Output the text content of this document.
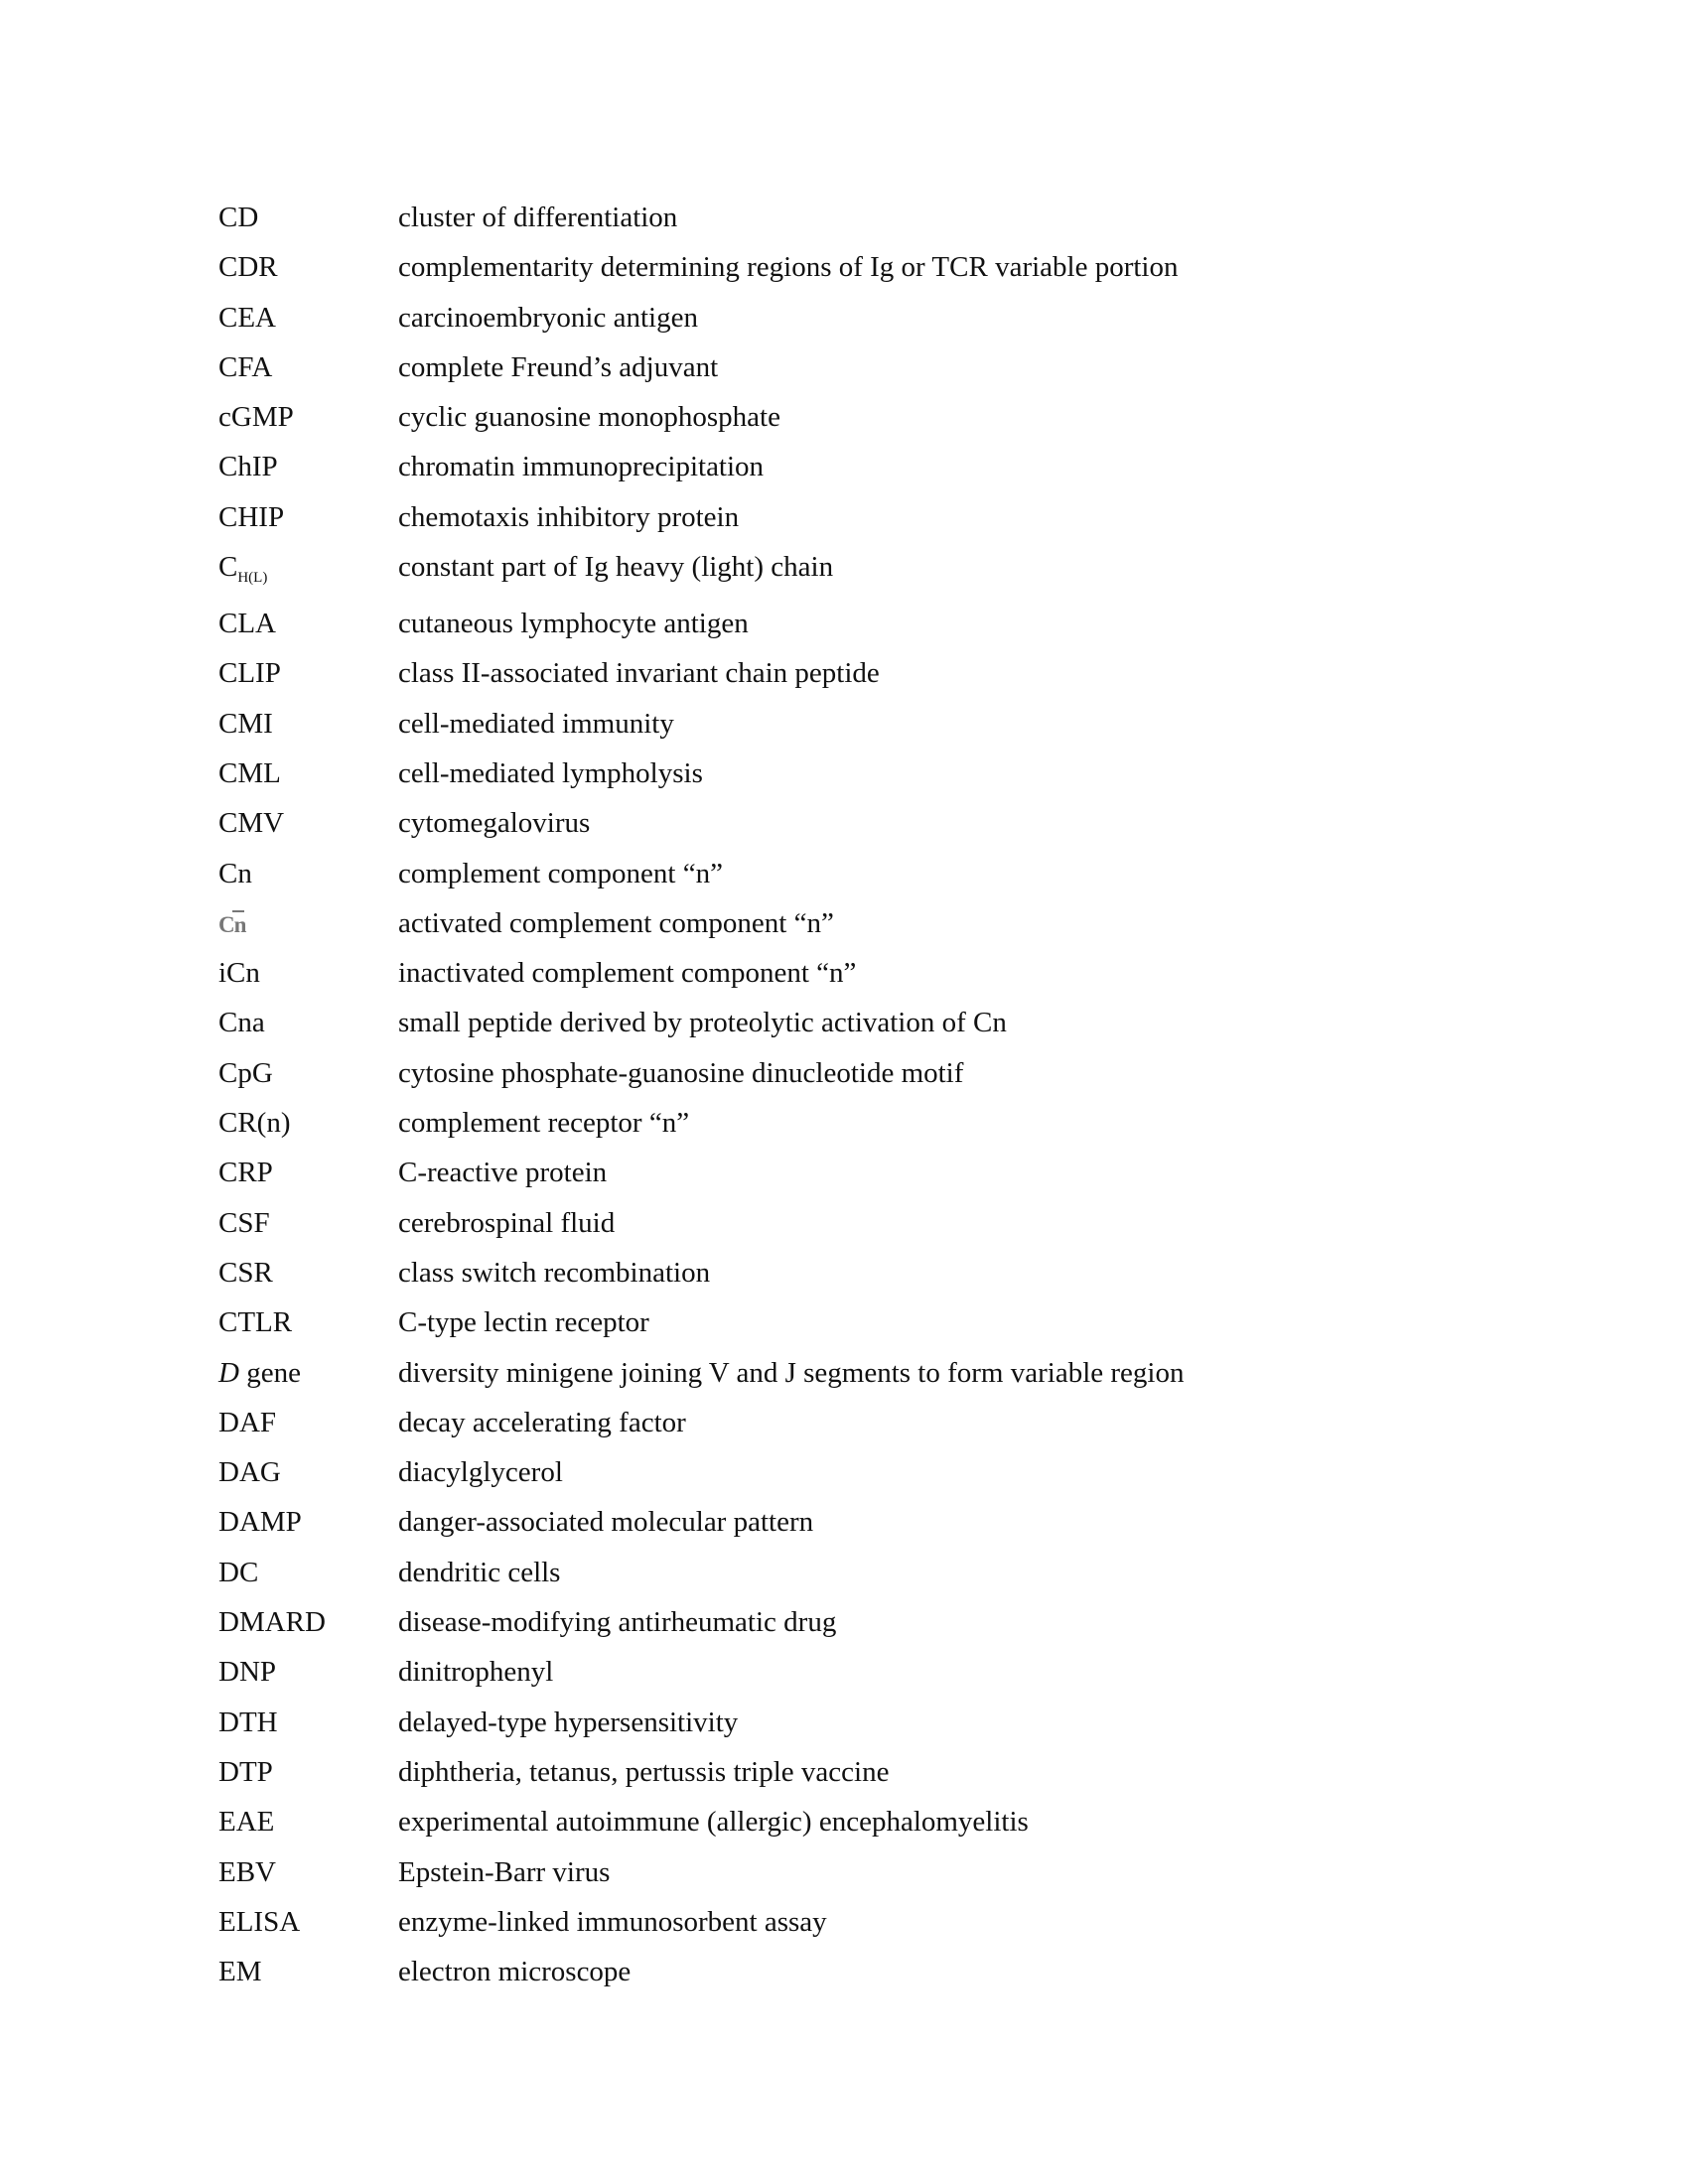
CD	cluster of differentiation
CDR	complementarity determining regions of Ig or TCR variable portion
CEA	carcinoembryonic antigen
CFA	complete Freund’s adjuvant
cGMP	cyclic guanosine monophosphate
ChIP	chromatin immunoprecipitation
CHIP	chemotaxis inhibitory protein
$C_{H(L)}$	constant part of Ig heavy (light) chain
CLA	cutaneous lymphocyte antigen
CLIP	class II-associated invariant chain peptide
CMI	cell-mediated immunity
CML	cell-mediated lympholysis
CMV	cytomegalovirus
Cn	complement component “n”
Cn	activated complement component “n”
iCn	inactivated complement component “n”
Cna	small peptide derived by proteolytic activation of Cn
CpG	cytosine phosphate-guanosine dinucleotide motif
CR(n)	complement receptor “n”
CRP	C-reactive protein
CSF	cerebrospinal fluid
CSR	class switch recombination
CTLR	C-type lectin receptor
D gene	diversity minigene joining V and J segments to form variable region
DAF	decay accelerating factor
DAG	diacylglycerol
DAMP	danger-associated molecular pattern
DC	dendritic cells
DMARD	disease-modifying antirheumatic drug
DNP	dinitrophenyl
DTH	delayed-type hypersensitivity
DTP	diphtheria, tetanus, pertussis triple vaccine
EAE	experimental autoimmune (allergic) encephalomyelitis
EBV	Epstein-Barr virus
ELISA	enzyme-linked immunosorbent assay
EM	electron microscope
